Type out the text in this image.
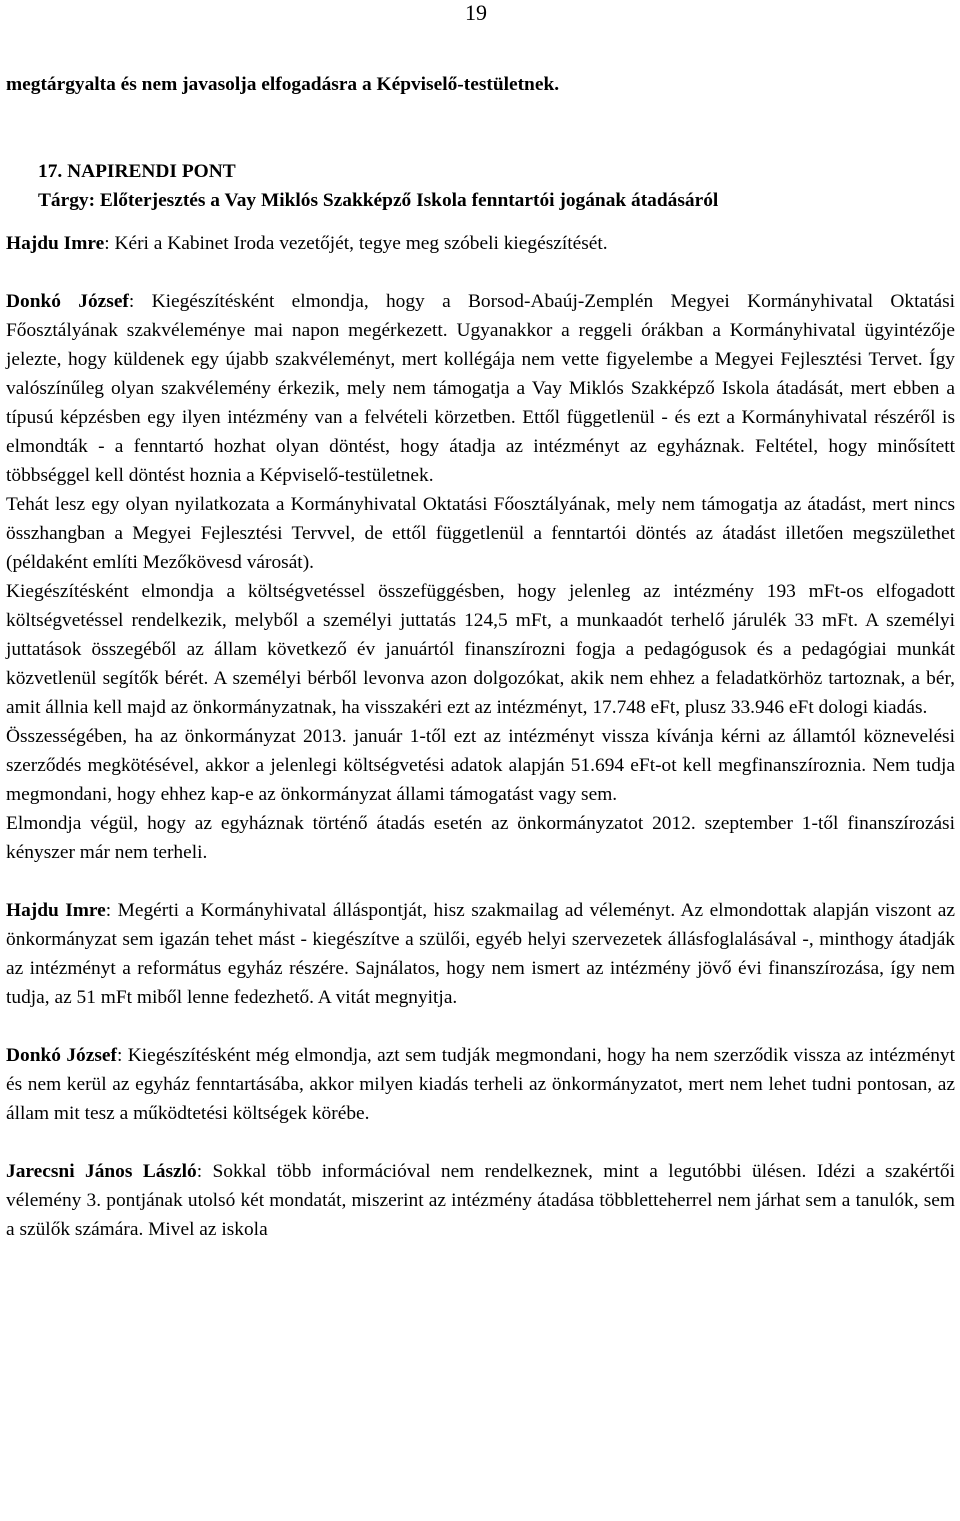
19

megtárgyalta és nem javasolja elfogadásra a Képviselő-testületnek.

17. NAPIRENDI PONT

Tárgy: Előterjesztés a Vay Miklós Szakképző Iskola fenntartói jogának átadásáról

Hajdu Imre: Kéri a Kabinet Iroda vezetőjét, tegye meg szóbeli kiegészítését.

Donkó József: Kiegészítésként elmondja, hogy a Borsod-Abaúj-Zemplén Megyei Kormányhivatal Oktatási Főosztályának szakvéleménye mai napon megérkezett. Ugyanakkor a reggeli órákban a Kormányhivatal ügyintézője jelezte, hogy küldenek egy újabb szakvéleményt, mert kollégája nem vette figyelembe a Megyei Fejlesztési Tervet. Így valószínűleg olyan szakvélemény érkezik, mely nem támogatja a Vay Miklós Szakképző Iskola átadását, mert ebben a típusú képzésben egy ilyen intézmény van a felvételi körzetben. Ettől függetlenül - és ezt a Kormányhivatal részéről is elmondták - a fenntartó hozhat olyan döntést, hogy átadja az intézményt az egyháznak. Feltétel, hogy minősített többséggel kell döntést hoznia a Képviselő-testületnek.

Tehát lesz egy olyan nyilatkozata a Kormányhivatal Oktatási Főosztályának, mely nem támogatja az átadást, mert nincs összhangban a Megyei Fejlesztési Tervvel, de ettől függetlenül a fenntartói döntés az átadást illetően megszülethet (példaként említi Mezőkövesd városát).

Kiegészítésként elmondja a költségvetéssel összefüggésben, hogy jelenleg az intézmény 193 mFt-os elfogadott költségvetéssel rendelkezik, melyből a személyi juttatás 124,5 mFt, a munkaadót terhelő járulék 33 mFt. A személyi juttatások összegéből az állam következő év januártól finanszírozni fogja a pedagógusok és a pedagógiai munkát közvetlenül segítők bérét. A személyi bérből levonva azon dolgozókat, akik nem ehhez a feladatkörhöz tartoznak, a bér, amit állnia kell majd az önkormányzatnak, ha visszakéri ezt az intézményt, 17.748 eFt, plusz 33.946 eFt dologi kiadás.

Összességében, ha az önkormányzat 2013. január 1-től ezt az intézményt vissza kívánja kérni az államtól köznevelési szerződés megkötésével, akkor a jelenlegi költségvetési adatok alapján 51.694 eFt-ot kell megfinanszíroznia. Nem tudja megmondani, hogy ehhez kap-e az önkormányzat állami támogatást vagy sem.

Elmondja végül, hogy az egyháznak történő átadás esetén az önkormányzatot 2012. szeptember 1-től finanszírozási kényszer már nem terheli.

Hajdu Imre: Megérti a Kormányhivatal álláspontját, hisz szakmailag ad véleményt. Az elmondottak alapján viszont az önkormányzat sem igazán tehet mást - kiegészítve a szülői, egyéb helyi szervezetek állásfoglalásával -, minthogy átadják az intézményt a református egyház részére. Sajnálatos, hogy nem ismert az intézmény jövő évi finanszírozása, így nem tudja, az 51 mFt miből lenne fedezhető. A vitát megnyitja.

Donkó József: Kiegészítésként még elmondja, azt sem tudják megmondani, hogy ha nem szerződik vissza az intézményt és nem kerül az egyház fenntartásába, akkor milyen kiadás terheli az önkormányzatot, mert nem lehet tudni pontosan, az állam mit tesz a működtetési költségek körébe.

Jarecsni János László: Sokkal több információval nem rendelkeznek, mint a legutóbbi ülésen. Idézi a szakértői vélemény 3. pontjának utolsó két mondatát, miszerint az intézmény átadása többletteherrel nem járhat sem a tanulók, sem a szülők számára. Mivel az iskola
